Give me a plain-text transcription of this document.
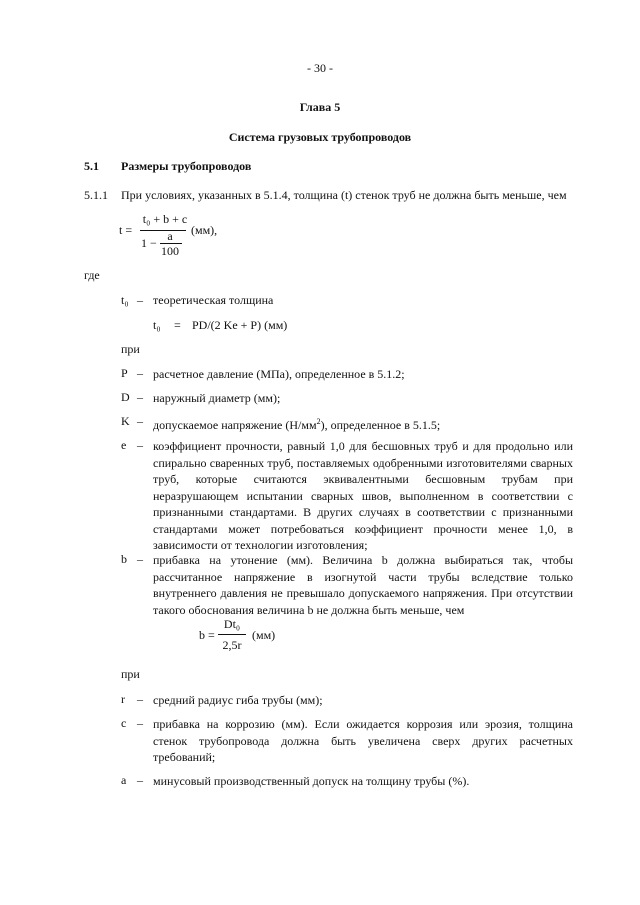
- 30 -
Глава 5
Система грузовых трубопроводов
5.1 Размеры трубопроводов
5.1.1 При условиях, указанных в 5.1.4, толщина (t) стенок труб не должна быть меньше, чем
t =
t₀ + b + c
1 − a
100
(мм),
где
t₀ – теоретическая толщина
t₀ = PD/(2 Ke + P) (мм)
при
P – расчетное давление (МПа), определенное в 5.1.2;
D – наружный диаметр (мм);
K – допускаемое напряжение $(Н/мм^2)$, определенное в 5.1.5;
e – коэффициент прочности, равный 1,0 для бесшовных труб и для продольно или спирально сваренных труб, поставляемых одобренными изготовителями сварных труб, которые считаются эквивалентными бесшовным трубам при неразрушающем испытании сварных швов, выполненном в соответствии с признанными стандартами. В других случаях в соответствии с признанными стандартами может потребоваться коэффициент прочности менее 1,0, в зависимости от технологии изготовления;
b – прибавка на утонение (мм). Величина b должна выбираться так, чтобы рассчитанное напряжение в изогнутой части трубы вследствие только внутреннего давления не превышало допускаемого напряжения. При отсутствии такого обоснования величина b не должна быть меньше, чем
b =
Dt₀
2,5r
(мм)
при
r – средний радиус гиба трубы (мм);
c – прибавка на коррозию (мм). Если ожидается коррозия или эрозия, толщина стенок трубопровода должна быть увеличена сверх других расчетных требований;
a – минусовый производственный допуск на толщину трубы (%).
